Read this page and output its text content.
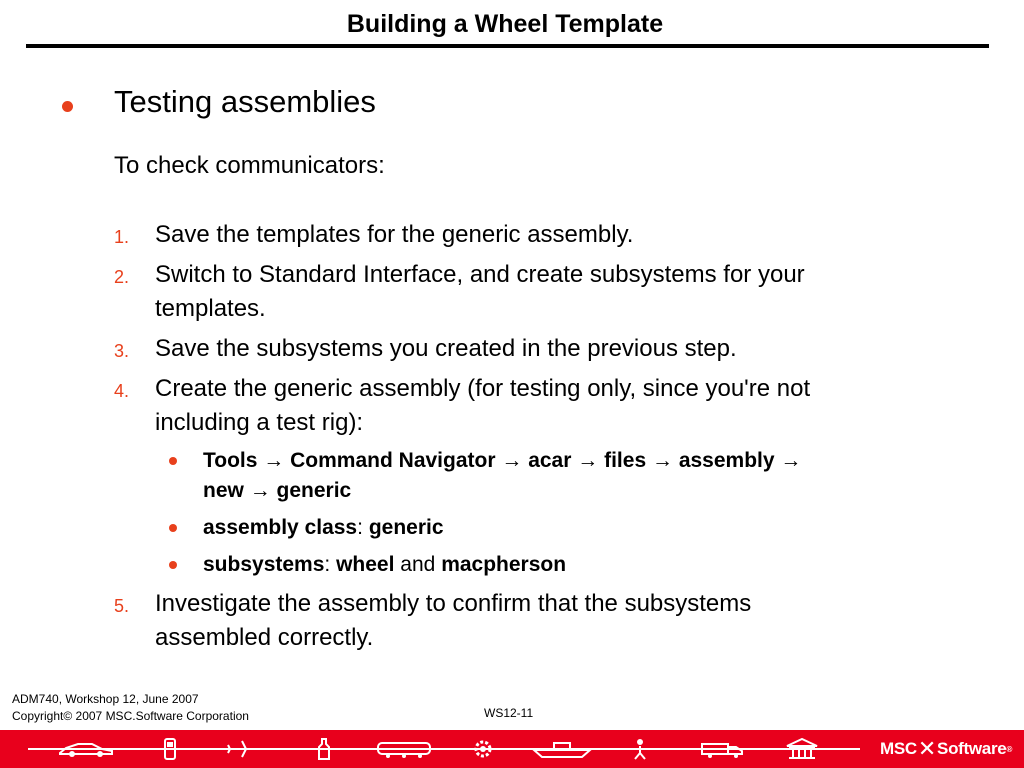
Building a Wheel Template
Testing assemblies
To check communicators:
1. Save the templates for the generic assembly.
2. Switch to Standard Interface, and create subsystems for your
templates.
3. Save the subsystems you created in the previous step.
4. Create the generic assembly (for testing only, since you're not
including a test rig):
Tools → Command Navigator → acar → files → assembly →
new → generic
assembly class: generic
subsystems: wheel and macpherson
5. Investigate the assembly to confirm that the subsystems
assembled correctly.
ADM740, Workshop 12, June 2007
Copyright© 2007 MSC.Software Corporation	WS12-11
MSC ✕ Software ®
